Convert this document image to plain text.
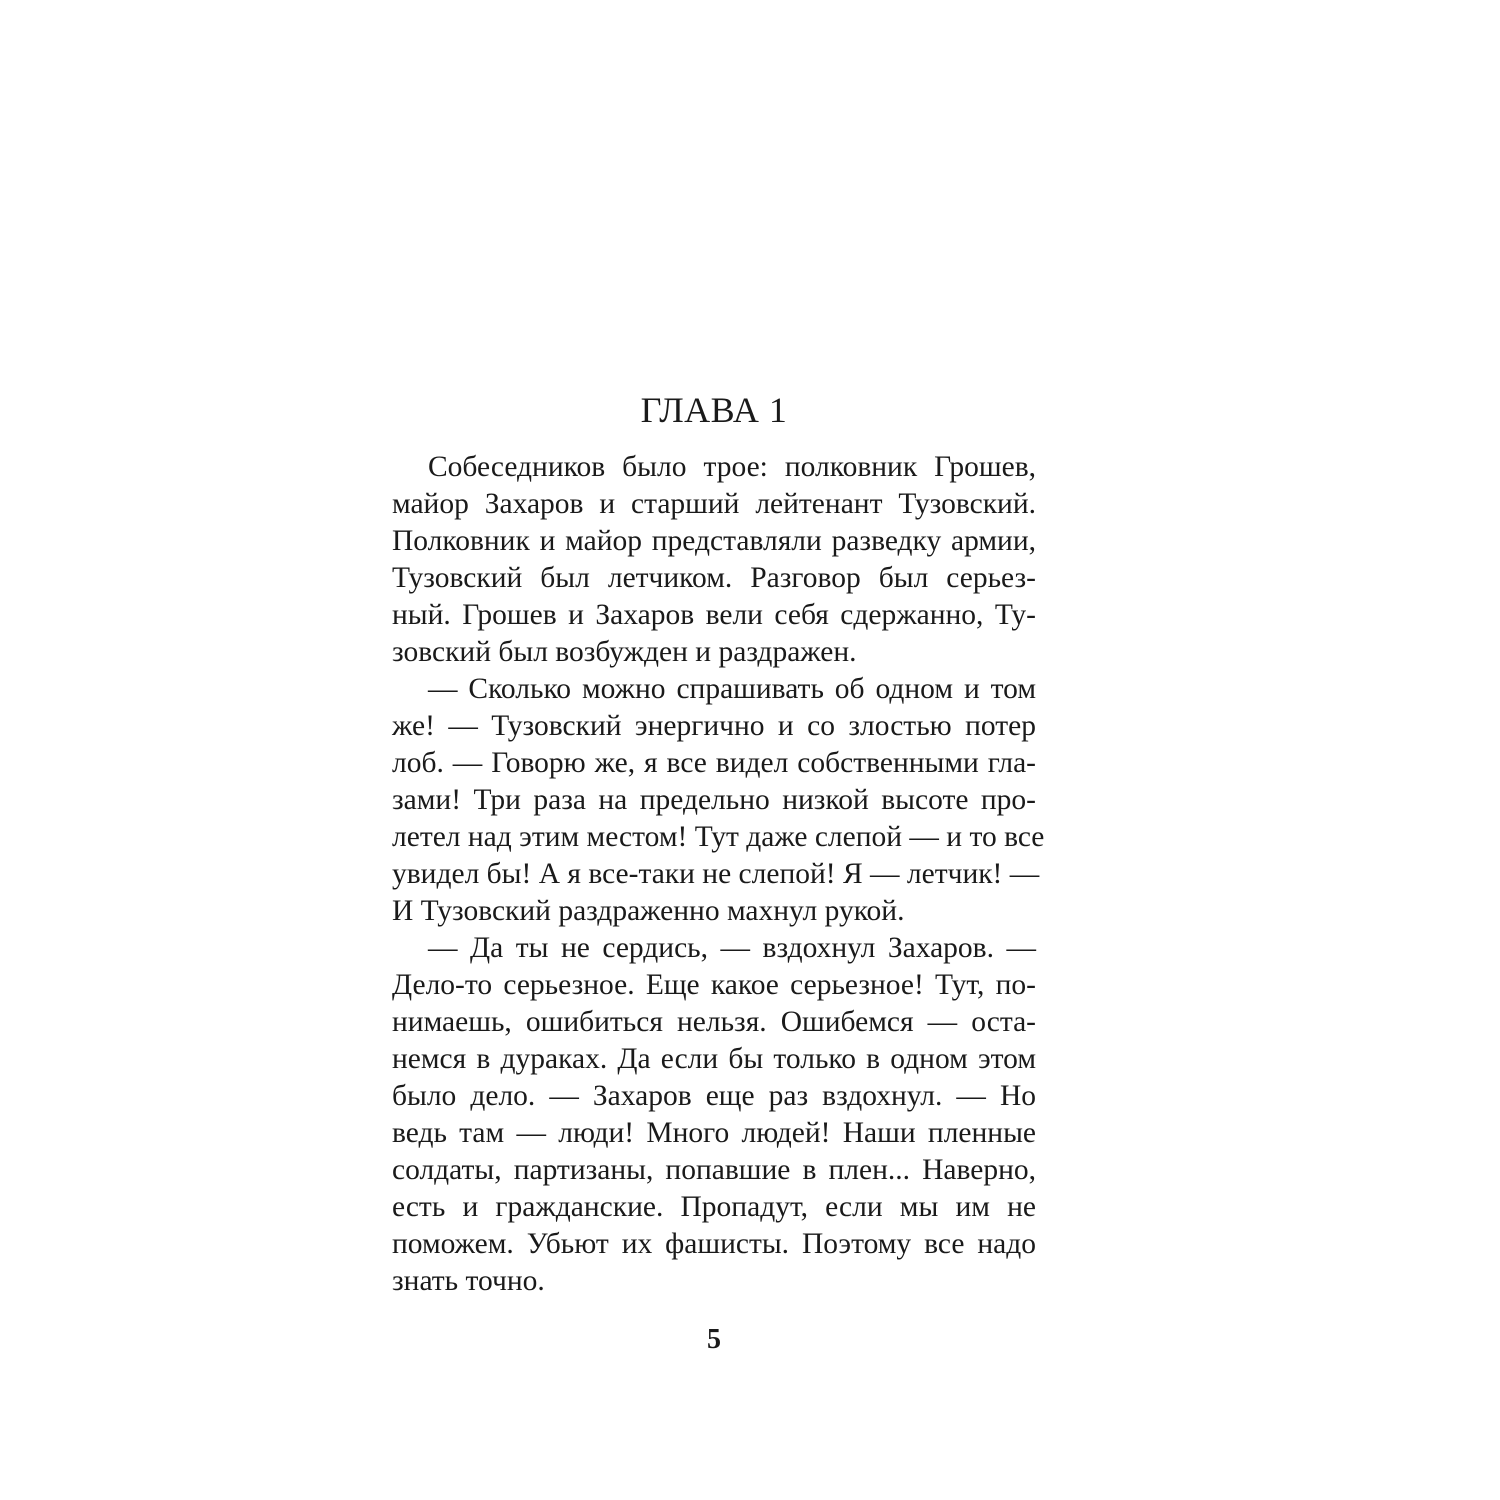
ГЛАВА 1
Собеседников было трое: полковник Грошев,
майор Захаров и старший лейтенант Тузовский.
Полковник и майор представляли разведку армии,
Тузовский был летчиком. Разговор был серьез-
ный. Грошев и Захаров вели себя сдержанно, Ту-
зовский был возбужден и раздражен.
— Сколько можно спрашивать об одном и том
же! — Тузовский энергично и со злостью потер
лоб. — Говорю же, я все видел собственными гла-
зами! Три раза на предельно низкой высоте про-
летел над этим местом! Тут даже слепой — и то все
увидел бы! А я все-таки не слепой! Я — летчик! —
И Тузовский раздраженно махнул рукой.
— Да ты не сердись, — вздохнул Захаров. —
Дело-то серьезное. Еще какое серьезное! Тут, по-
нимаешь, ошибиться нельзя. Ошибемся — оста-
немся в дураках. Да если бы только в одном этом
было дело. — Захаров еще раз вздохнул. — Но
ведь там — люди! Много людей! Наши пленные
солдаты, партизаны, попавшие в плен... Наверно,
есть и гражданские. Пропадут, если мы им не
поможем. Убьют их фашисты. Поэтому все надо
знать точно.
5
